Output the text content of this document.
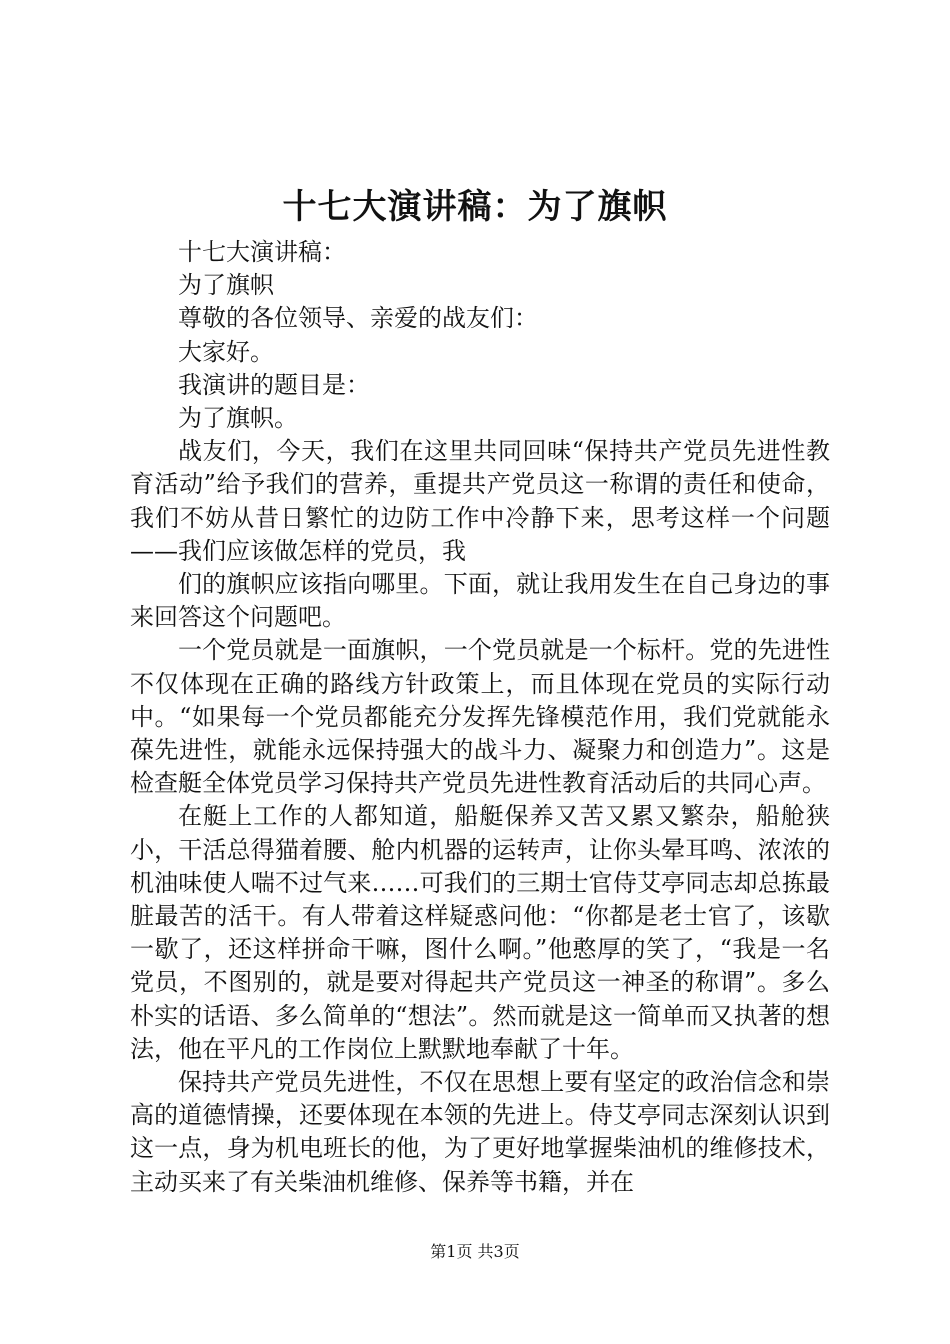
十七大演讲稿：为了旗帜

十七大演讲稿：

为了旗帜

尊敬的各位领导、亲爱的战友们：

大家好。

我演讲的题目是：

为了旗帜。

战友们，今天，我们在这里共同回味“保持共产党员先进性教育活动”给予我们的营养，重提共产党员这一称谓的责任和使命，我们不妨从昔日繁忙的边防工作中冷静下来，思考这样一个问题——我们应该做怎样的党员，我

们的旗帜应该指向哪里。下面，就让我用发生在自己身边的事来回答这个问题吧。

一个党员就是一面旗帜，一个党员就是一个标杆。党的先进性不仅体现在正确的路线方针政策上，而且体现在党员的实际行动中。“如果每一个党员都能充分发挥先锋模范作用，我们党就能永葆先进性，就能永远保持强大的战斗力、凝聚力和创造力”。这是检查艇全体党员学习保持共产党员先进性教育活动后的共同心声。

在艇上工作的人都知道，船艇保养又苦又累又繁杂，船舱狭小，干活总得猫着腰、舱内机器的运转声，让你头晕耳鸣、浓浓的机油味使人喘不过气来……可我们的三期士官侍艾亭同志却总拣最脏最苦的活干。有人带着这样疑惑问他：“你都是老士官了，该歇一歇了，还这样拼命干嘛，图什么啊。”他憨厚的笑了，“我是一名党员，不图别的，就是要对得起共产党员这一神圣的称谓”。多么朴实的话语、多么简单的“想法”。然而就是这一简单而又执著的想法，他在平凡的工作岗位上默默地奉献了十年。

保持共产党员先进性，不仅在思想上要有坚定的政治信念和崇高的道德情操，还要体现在本领的先进上。侍艾亭同志深刻认识到这一点，身为机电班长的他，为了更好地掌握柴油机的维修技术，主动买来了有关柴油机维修、保养等书籍，并在

第1页 共3页
